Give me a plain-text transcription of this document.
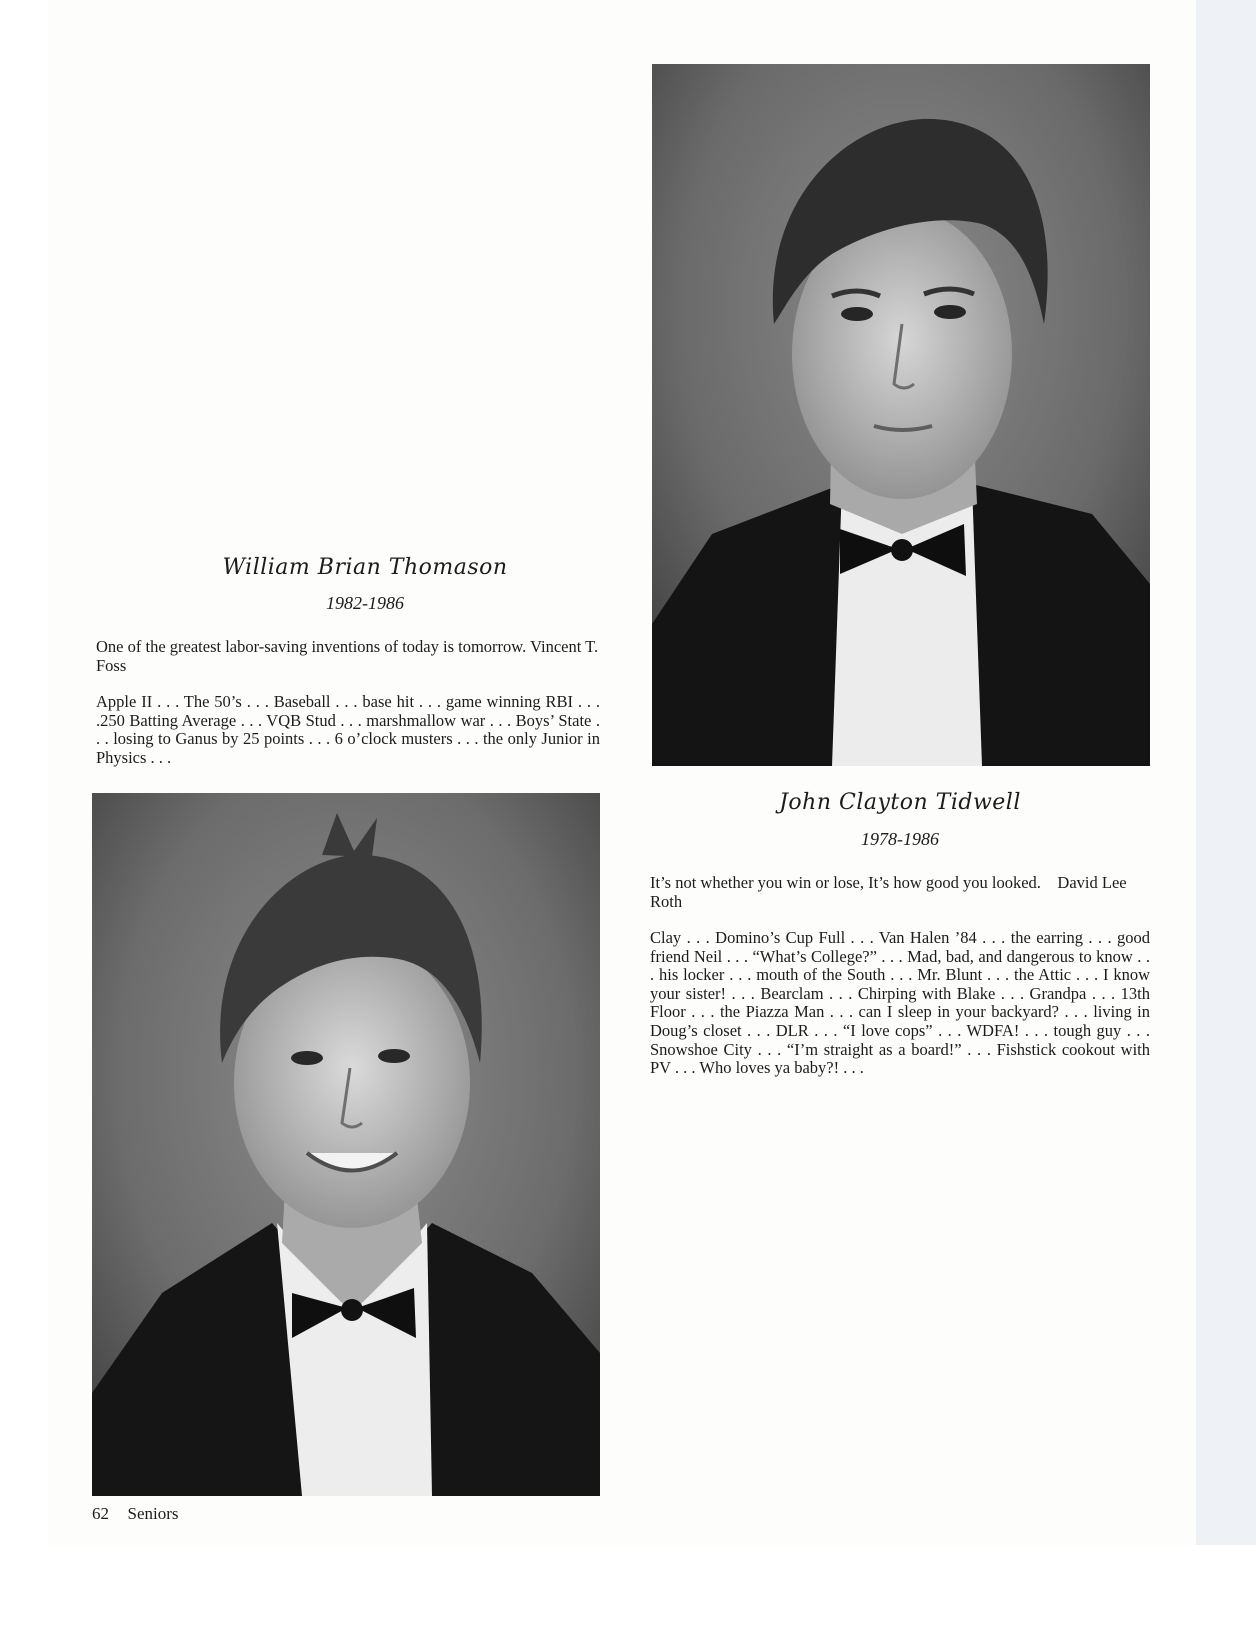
William Brian Thomason
1982-1986

One of the greatest labor-saving inventions of today is tomorrow. Vincent T. Foss

Apple II . . . The 50’s . . . Baseball . . . base hit . . . game winning RBI . . . .250 Batting Average . . . VQB Stud . . . marshmallow war . . . Boys’ State . . . losing to Ganus by 25 points . . . 6 o’clock musters . . . the only Junior in Physics . . .

John Clayton Tidwell
1978-1986

It’s not whether you win or lose, It’s how good you looked.    David Lee Roth

Clay . . . Domino’s Cup Full . . . Van Halen ’84 . . . the earring . . . good friend Neil . . . “What’s College?” . . . Mad, bad, and dangerous to know . . . his locker . . . mouth of the South . . . Mr. Blunt . . . the Attic . . . I know your sister! . . . Bearclam . . . Chirping with Blake . . . Grandpa . . . 13th Floor . . . the Piazza Man . . . can I sleep in your backyard? . . . living in Doug’s closet . . . DLR . . . “I love cops” . . . WDFA! . . . tough guy . . . Snowshoe City . . . “I’m straight as a board!” . . . Fishstick cookout with PV . . . Who loves ya baby?! . . .

62 Seniors
